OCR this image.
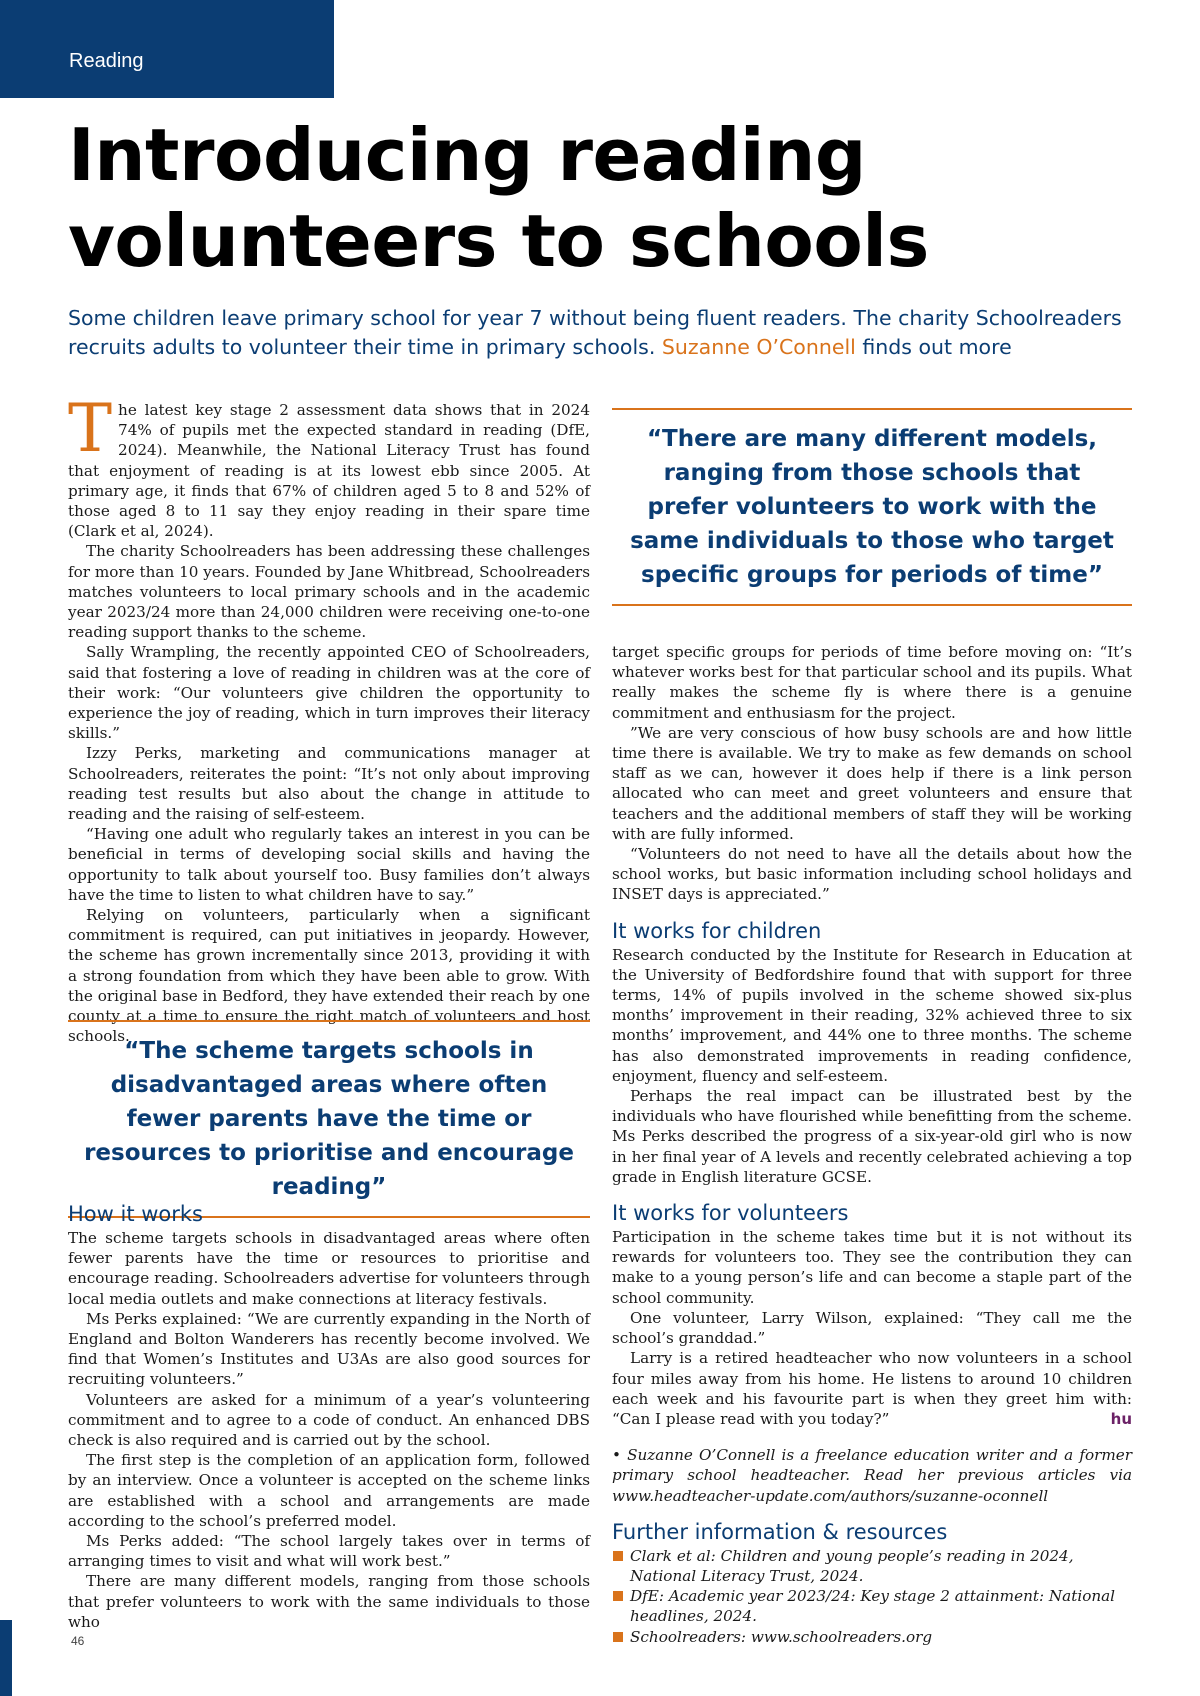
Reading
Introducing reading volunteers to schools

Some children leave primary school for year 7 without being fluent readers. The charity Schoolreaders recruits adults to volunteer their time in primary schools. Suzanne O’Connell finds out more

The latest key stage 2 assessment data shows that in 2024 74% of pupils met the expected standard in reading (DfE, 2024). Meanwhile, the National Literacy Trust has found that enjoyment of reading is at its lowest ebb since 2005. At primary age, it finds that 67% of children aged 5 to 8 and 52% of those aged 8 to 11 say they enjoy reading in their spare time (Clark et al, 2024).

The charity Schoolreaders has been addressing these challenges for more than 10 years. Founded by Jane Whitbread, Schoolreaders matches volunteers to local primary schools and in the academic year 2023/24 more than 24,000 children were receiving one-to-one reading support thanks to the scheme.

Sally Wrampling, the recently appointed CEO of Schoolreaders, said that fostering a love of reading in children was at the core of their work: “Our volunteers give children the opportunity to experience the joy of reading, which in turn improves their literacy skills.”

Izzy Perks, marketing and communications manager at Schoolreaders, reiterates the point: “It’s not only about improving reading test results but also about the change in attitude to reading and the raising of self-esteem.

“Having one adult who regularly takes an interest in you can be beneficial in terms of developing social skills and having the opportunity to talk about yourself too. Busy families don’t always have the time to listen to what children have to say.”

Relying on volunteers, particularly when a significant commitment is required, can put initiatives in jeopardy. However, the scheme has grown incrementally since 2013, providing it with a strong foundation from which they have been able to grow. With the original base in Bedford, they have extended their reach by one county at a time to ensure the right match of volunteers and host schools.

“The scheme targets schools in disadvantaged areas where often fewer parents have the time or resources to prioritise and encourage reading”

How it works

The scheme targets schools in disadvantaged areas where often fewer parents have the time or resources to prioritise and encourage reading. Schoolreaders advertise for volunteers through local media outlets and make connections at literacy festivals.

Ms Perks explained: “We are currently expanding in the North of England and Bolton Wanderers has recently become involved. We find that Women’s Institutes and U3As are also good sources for recruiting volunteers.”

Volunteers are asked for a minimum of a year’s volunteering commitment and to agree to a code of conduct. An enhanced DBS check is also required and is carried out by the school.

The first step is the completion of an application form, followed by an interview. Once a volunteer is accepted on the scheme links are established with a school and arrangements are made according to the school’s preferred model.

Ms Perks added: “The school largely takes over in terms of arranging times to visit and what will work best.”

There are many different models, ranging from those schools that prefer volunteers to work with the same individuals to those who

“There are many different models, ranging from those schools that prefer volunteers to work with the same individuals to those who target specific groups for periods of time”

target specific groups for periods of time before moving on: “It’s whatever works best for that particular school and its pupils. What really makes the scheme fly is where there is a genuine commitment and enthusiasm for the project.

”We are very conscious of how busy schools are and how little time there is available. We try to make as few demands on school staff as we can, however it does help if there is a link person allocated who can meet and greet volunteers and ensure that teachers and the additional members of staff they will be working with are fully informed.

“Volunteers do not need to have all the details about how the school works, but basic information including school holidays and INSET days is appreciated.”

It works for children

Research conducted by the Institute for Research in Education at the University of Bedfordshire found that with support for three terms, 14% of pupils involved in the scheme showed six-plus months’ improvement in their reading, 32% achieved three to six months’ improvement, and 44% one to three months. The scheme has also demonstrated improvements in reading confidence, enjoyment, fluency and self-esteem.

Perhaps the real impact can be illustrated best by the individuals who have flourished while benefitting from the scheme. Ms Perks described the progress of a six-year-old girl who is now in her final year of A levels and recently celebrated achieving a top grade in English literature GCSE.

It works for volunteers

Participation in the scheme takes time but it is not without its rewards for volunteers too. They see the contribution they can make to a young person’s life and can become a staple part of the school community.

One volunteer, Larry Wilson, explained: “They call me the school’s granddad.”

Larry is a retired headteacher who now volunteers in a school four miles away from his home. He listens to around 10 children each week and his favourite part is when they greet him with: “Can I please read with you today?”	hu

• Suzanne O’Connell is a freelance education writer and a former primary school headteacher. Read her previous articles via www.headteacher-update.com/authors/suzanne-oconnell

Further information & resources
Clark et al: Children and young people’s reading in 2024, National Literacy Trust, 2024.
DfE: Academic year 2023/24: Key stage 2 attainment: National headlines, 2024.
Schoolreaders: www.schoolreaders.org
46
